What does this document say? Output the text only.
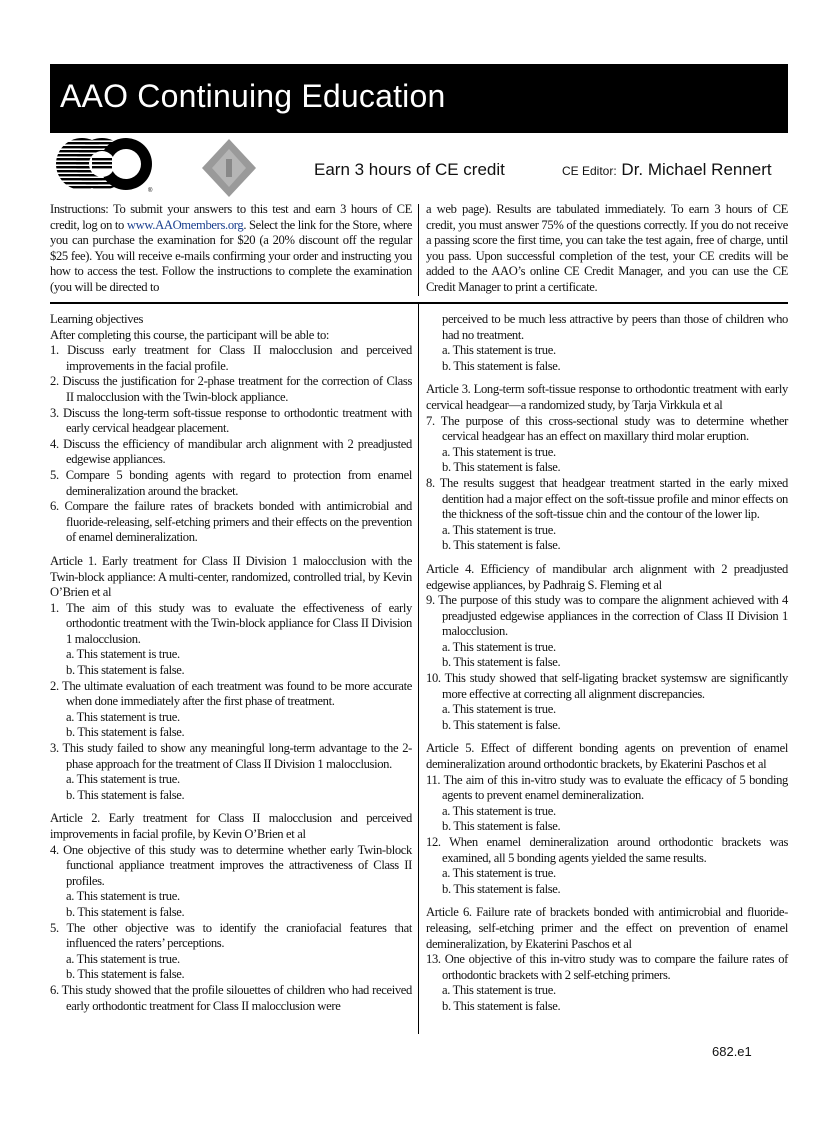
AAO Continuing Education
®
Earn 3 hours of CE credit	CE Editor: Dr. Michael Rennert
Instructions: To submit your answers to this test and earn 3 hours of CE credit, log on to www.AAOmembers.org. Select the link for the Store, where you can purchase the examination for $20 (a 20% discount off the regular $25 fee). You will receive e-mails confirming your order and instructing you how to access the test. Follow the instructions to complete the examination (you will be directed to
a web page). Results are tabulated immediately. To earn 3 hours of CE credit, you must answer 75% of the questions correctly. If you do not receive a passing score the first time, you can take the test again, free of charge, until you pass. Upon successful completion of the test, your CE credits will be added to the AAO’s online CE Credit Manager, and you can use the CE Credit Manager to print a certificate.
Learning objectives
After completing this course, the participant will be able to:
1. Discuss early treatment for Class II malocclusion and perceived improvements in the facial profile.
2. Discuss the justification for 2-phase treatment for the correction of Class II malocclusion with the Twin-block appliance.
3. Discuss the long-term soft-tissue response to orthodontic treatment with early cervical headgear placement.
4. Discuss the efficiency of mandibular arch alignment with 2 preadjusted edgewise appliances.
5. Compare 5 bonding agents with regard to protection from enamel demineralization around the bracket.
6. Compare the failure rates of brackets bonded with antimicrobial and fluoride-releasing, self-etching primers and their effects on the prevention of enamel demineralization.
Article 1. Early treatment for Class II Division 1 malocclusion with the Twin-block appliance: A multi-center, randomized, controlled trial, by Kevin O’Brien et al
1. The aim of this study was to evaluate the effectiveness of early orthodontic treatment with the Twin-block appliance for Class II Division 1 malocclusion.
a. This statement is true.
b. This statement is false.
2. The ultimate evaluation of each treatment was found to be more accurate when done immediately after the first phase of treatment.
a. This statement is true.
b. This statement is false.
3. This study failed to show any meaningful long-term advantage to the 2-phase approach for the treatment of Class II Division 1 malocclusion.
a. This statement is true.
b. This statement is false.
Article 2. Early treatment for Class II malocclusion and perceived improvements in facial profile, by Kevin O’Brien et al
4. One objective of this study was to determine whether early Twin-block functional appliance treatment improves the attractiveness of Class II profiles.
a. This statement is true.
b. This statement is false.
5. The other objective was to identify the craniofacial features that influenced the raters’ perceptions.
a. This statement is true.
b. This statement is false.
6. This study showed that the profile silouettes of children who had received early orthodontic treatment for Class II malocclusion were
perceived to be much less attractive by peers than those of children who had no treatment.
a. This statement is true.
b. This statement is false.
Article 3. Long-term soft-tissue response to orthodontic treatment with early cervical headgear—a randomized study, by Tarja Virkkula et al
7. The purpose of this cross-sectional study was to determine whether cervical headgear has an effect on maxillary third molar eruption.
a. This statement is true.
b. This statement is false.
8. The results suggest that headgear treatment started in the early mixed dentition had a major effect on the soft-tissue profile and minor effects on the thickness of the soft-tissue chin and the contour of the lower lip.
a. This statement is true.
b. This statement is false.
Article 4. Efficiency of mandibular arch alignment with 2 preadjusted edgewise appliances, by Padhraig S. Fleming et al
9. The purpose of this study was to compare the alignment achieved with 4 preadjusted edgewise appliances in the correction of Class II Division 1 malocclusion.
a. This statement is true.
b. This statement is false.
10. This study showed that self-ligating bracket systemsw are significantly more effective at correcting all alignment discrepancies.
a. This statement is true.
b. This statement is false.
Article 5. Effect of different bonding agents on prevention of enamel demineralization around orthodontic brackets, by Ekaterini Paschos et al
11. The aim of this in-vitro study was to evaluate the efficacy of 5 bonding agents to prevent enamel demineralization.
a. This statement is true.
b. This statement is false.
12. When enamel demineralization around orthodontic brackets was examined, all 5 bonding agents yielded the same results.
a. This statement is true.
b. This statement is false.
Article 6. Failure rate of brackets bonded with antimicrobial and fluoride-releasing, self-etching primer and the effect on prevention of enamel demineralization, by Ekaterini Paschos et al
13. One objective of this in-vitro study was to compare the failure rates of orthodontic brackets with 2 self-etching primers.
a. This statement is true.
b. This statement is false.
682.e1
